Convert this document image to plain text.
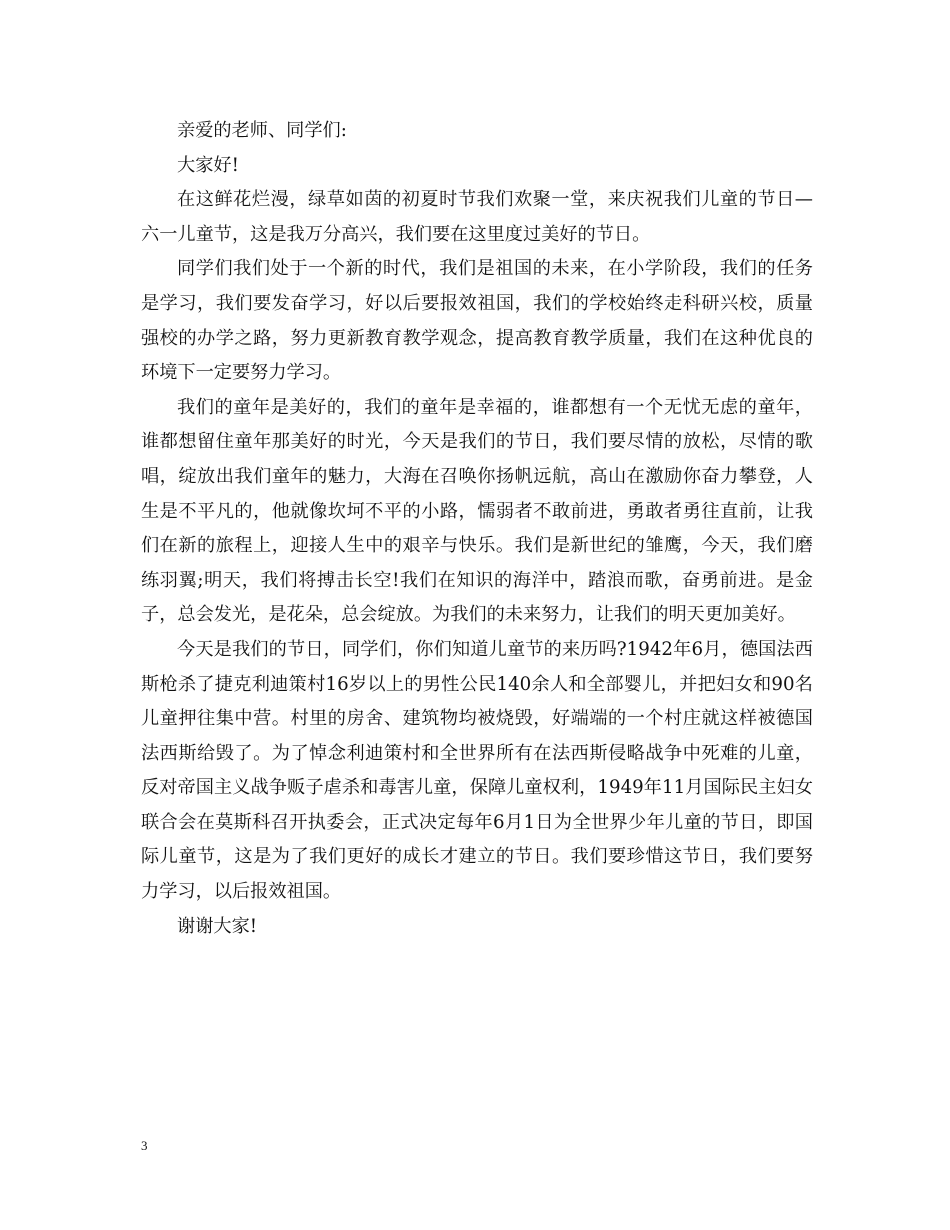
亲爱的老师、同学们:

大家好!

在这鲜花烂漫，绿草如茵的初夏时节我们欢聚一堂，来庆祝我们儿童的节日—六一儿童节，这是我万分高兴，我们要在这里度过美好的节日。

同学们我们处于一个新的时代，我们是祖国的未来，在小学阶段，我们的任务是学习，我们要发奋学习，好以后要报效祖国，我们的学校始终走科研兴校，质量强校的办学之路，努力更新教育教学观念，提高教育教学质量，我们在这种优良的环境下一定要努力学习。

我们的童年是美好的，我们的童年是幸福的，谁都想有一个无忧无虑的童年，谁都想留住童年那美好的时光，今天是我们的节日，我们要尽情的放松，尽情的歌唱，绽放出我们童年的魅力，大海在召唤你扬帆远航，高山在激励你奋力攀登，人生是不平凡的，他就像坎坷不平的小路，懦弱者不敢前进，勇敢者勇往直前，让我们在新的旅程上，迎接人生中的艰辛与快乐。我们是新世纪的雏鹰，今天，我们磨练羽翼;明天，我们将搏击长空!我们在知识的海洋中，踏浪而歌，奋勇前进。是金子，总会发光，是花朵，总会绽放。为我们的未来努力，让我们的明天更加美好。

今天是我们的节日，同学们，你们知道儿童节的来历吗?1942年6月，德国法西斯枪杀了捷克利迪策村16岁以上的男性公民140余人和全部婴儿，并把妇女和90名儿童押往集中营。村里的房舍、建筑物均被烧毁，好端端的一个村庄就这样被德国法西斯给毁了。为了悼念利迪策村和全世界所有在法西斯侵略战争中死难的儿童，反对帝国主义战争贩子虐杀和毒害儿童，保障儿童权利，1949年11月国际民主妇女联合会在莫斯科召开执委会，正式决定每年6月1日为全世界少年儿童的节日，即国际儿童节，这是为了我们更好的成长才建立的节日。我们要珍惜这节日，我们要努力学习，以后报效祖国。

谢谢大家!

3
